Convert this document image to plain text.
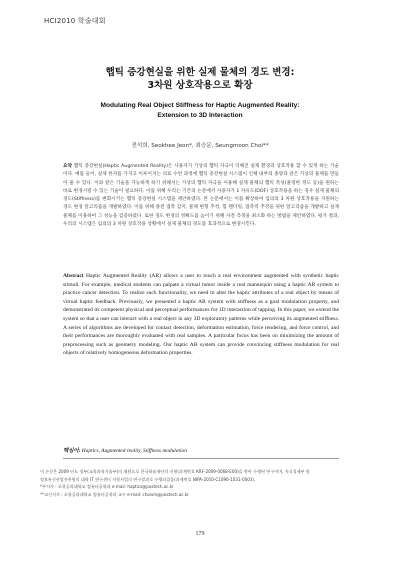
HCI2010 학술대회
햅틱 증강현실을 위한 실제 물체의 경도 변경:
3차원 상호작용으로 확장
Modulating Real Object Stiffness for Haptic Augmented Reality:
Extension to 3D Interaction
전석희, Seokhee Jeon*, 최승문, Seungmoon Choi**
요약 햅틱 증강현실(Haptic Augmented Reality)은 사용자가 가상의 햅틱 자극이 더해진 실제 환경과 상호작용 할 수 있게 하는 기술이다. 예를 들어, 실제 한자를 가지고 이루어지는 의료 수련 과정에 햅틱 증강현실 시스템이 인체 내부의 종양과 같은 가상의 물체를 만들어 줄 수 있다. 이와 같은 기술을 가능하게 하기 위해서는 가상의 햅틱 자극을 이용해 실제 물체의 햅틱 특성(물렁한 정도 등)을 원하는 바로 변경시킬 수 있는 기술이 필요하다. 이를 위해 우리는 기존의 논문에서 사용자가 1 자유도(DOF) 상호작용을 하는 경우 실제 물체의 경도(Stiffness)를 변화시키는 햅틱 증강현실 시스템을 제안하였다. 본 논문에서는 이를 확장하여 임의의 3 차원 상호작용을 지원하는 경도 변경 알고리즘을 개발하였다. 이를 위해 종전 접촉 감지, 물체 변형 추정, 힘 렌더링, 접촉력 추정을 위한 알고리즘을 개발하고 실제 물체를 이용하여 그 성능을 검증하였다. 또한 경도 변경의 정확도를 높이기 위해 사전 측정을 최소화 하는 방법을 제안하였다. 평가 결과, 우리의 시스템은 임의의 3 차원 상호작용 상황에서 실제 물체의 경도를 효과적으로 변경시킨다.
Abstract Haptic Augmented Reality (AR) allows a user to touch a real environment augmented with synthetic haptic stimuli. For example, medical students can palpate a virtual tumor inside a real mannequin using a haptic AR system to practice cancer detection. To realize such functionality, we need to alter the haptic attributes of a real object by means of virtual haptic feedback. Previously, we presented a haptic AR system with stiffness as a goal modulation property, and demonstrated its competent physical and perceptual performances for 1D interaction of tapping. In this paper, we extend the system so that a user can interact with a real object in any 3D exploratory patterns while perceiving its augmented stiffness. A series of algorithms are developed for contact detection, deformation estimation, force rendering, and force control, and their performances are thoroughly evaluated with real samples. A particular focus has been on minimizing the amount of preprocessing such as geometry modeling. Our haptic AR system can provide convincing stiffness modulation for real objects of relatively homogeneous deformation properties.
핵심어: Haptics, Augmented reality, Stiffness modulation
이 논문은 2009 년도 정부(교육과학기술부)의 재원으로 한국학술재단의 지원(과제번호 KRF-2009-0068-E00)을 받아 수행된 연구이며, 지식경제부 및
정보통신산업진흥원의 대학 IT 연구센터 지원사업의 연구결과로 수행되었음(과제번호 NIPA-2010-C1090-1031-0003).
*주저자 : 포항공과대학교 컴퓨터공학과 e-mail: haptics@postech.ac.kr
**교신저자 : 포항공과대학교 컴퓨터공학과 교수 e-mail: choism@postech.ac.kr
179
